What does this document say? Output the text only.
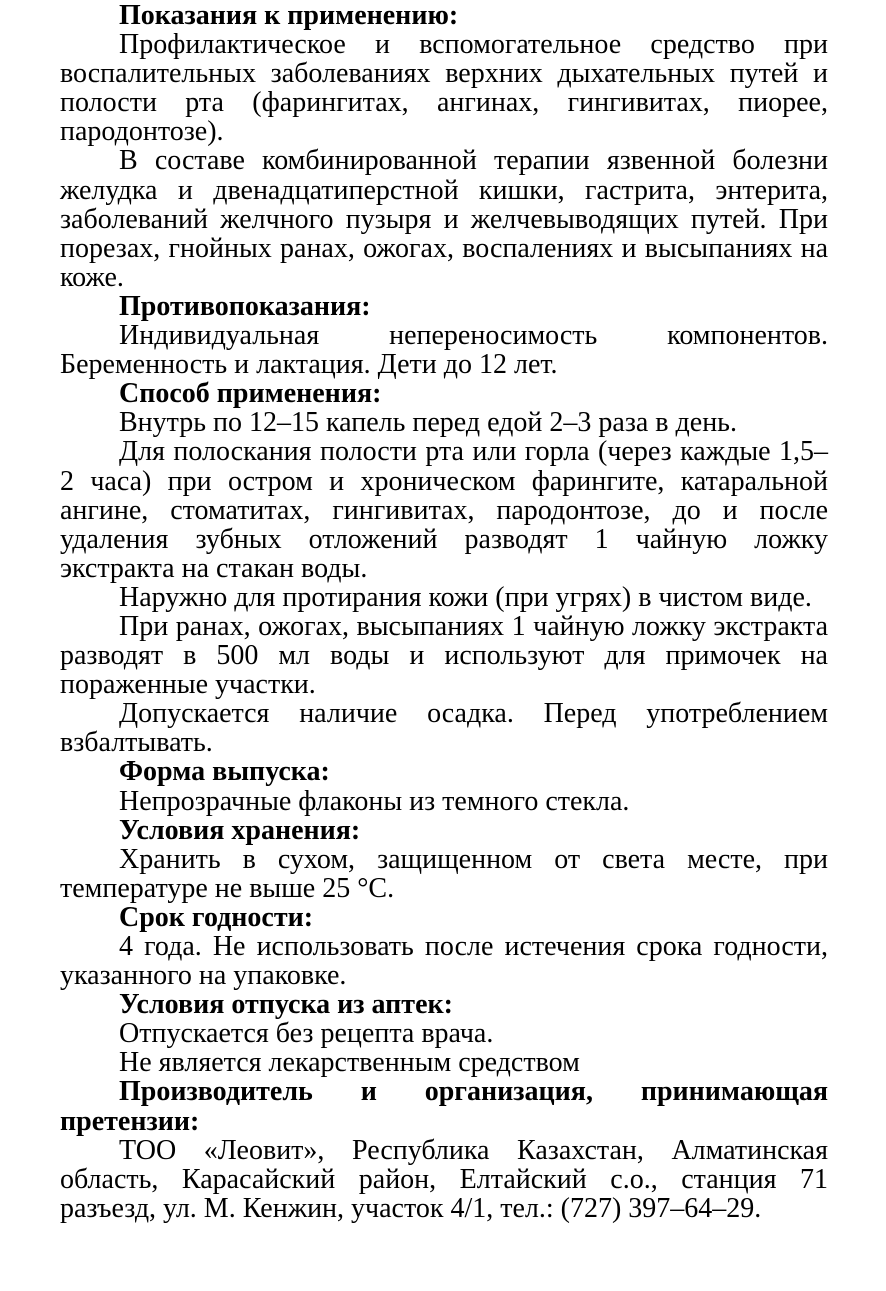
Показания к применению:

Профилактическое и вспомогательное средство при воспалительных заболеваниях верхних дыхательных путей и полости рта (фарингитах, ангинах, гингивитах, пиорее, пародонтозе).

В составе комбинированной терапии язвенной болезни желудка и двенадцатиперстной кишки, гастрита, энтерита, заболеваний желчного пузыря и желчевыводящих путей. При порезах, гнойных ранах, ожогах, воспалениях и высыпаниях на коже.

Противопоказания:

Индивидуальная непереносимость компонентов. Беременность и лактация. Дети до 12 лет.

Способ применения:

Внутрь по 12–15 капель перед едой 2–3 раза в день.

Для полоскания полости рта или горла (через каждые 1,5–2 часа) при остром и хроническом фарингите, катаральной ангине, стоматитах, гингивитах, пародонтозе, до и после удаления зубных отложений разводят 1 чайную ложку экстракта на стакан воды.

Наружно для протирания кожи (при угрях) в чистом виде.

При ранах, ожогах, высыпаниях 1 чайную ложку экстракта разводят в 500 мл воды и используют для примочек на пораженные участки.

Допускается наличие осадка. Перед употреблением взбалтывать.

Форма выпуска:

Непрозрачные флаконы из темного стекла.

Условия хранения:

Хранить в сухом, защищенном от света месте, при температуре не выше 25 °С.

Срок годности:

4 года. Не использовать после истечения срока годности, указанного на упаковке.

Условия отпуска из аптек:

Отпускается без рецепта врача.

Не является лекарственным средством

Производитель и организация, принимающая претензии:

ТОО «Леовит», Республика Казахстан, Алматинская область, Карасайский район, Елтайский с.о., станция 71 разъезд, ул. М. Кенжин, участок 4/1, тел.: (727) 397–64–29.
